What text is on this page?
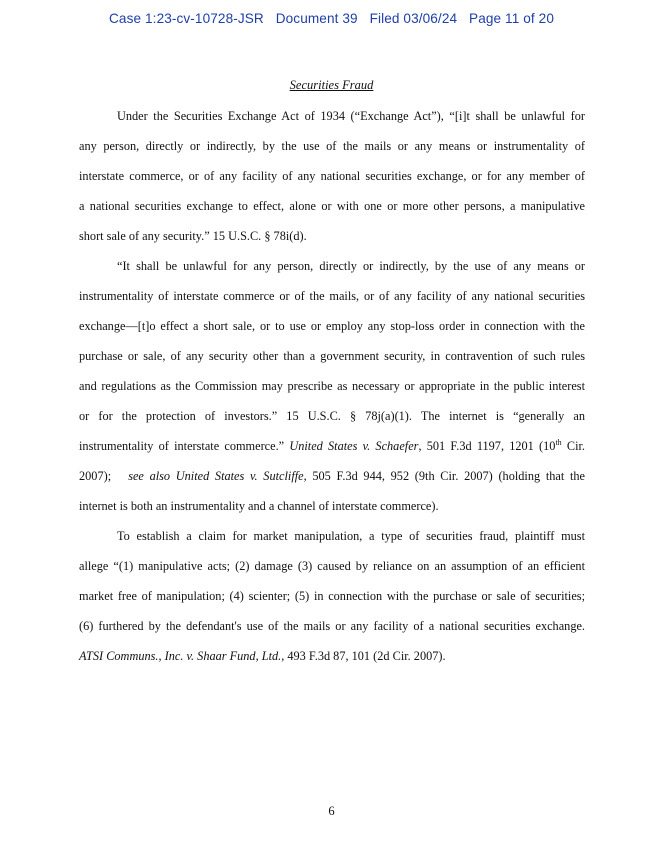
Case 1:23-cv-10728-JSR Document 39 Filed 03/06/24 Page 11 of 20
Securities Fraud
Under the Securities Exchange Act of 1934 (“Exchange Act”), “[i]t shall be unlawful for
any person, directly or indirectly, by the use of the mails or any means or instrumentality of
interstate commerce, or of any facility of any national securities exchange, or for any member of
a national securities exchange to effect, alone or with one or more other persons, a manipulative
short sale of any security.” 15 U.S.C. § 78i(d).
“It shall be unlawful for any person, directly or indirectly, by the use of any means or
instrumentality of interstate commerce or of the mails, or of any facility of any national securities
exchange—[t]o effect a short sale, or to use or employ any stop-loss order in connection with the
purchase or sale, of any security other than a government security, in contravention of such rules
and regulations as the Commission may prescribe as necessary or appropriate in the public interest
or for the protection of investors.” 15 U.S.C. § 78j(a)(1). The internet is “generally an
instrumentality of interstate commerce.” United States v. Schaefer, 501 F.3d 1197, 1201 (10th Cir.
2007); see also United States v. Sutcliffe, 505 F.3d 944, 952 (9th Cir. 2007) (holding that the
internet is both an instrumentality and a channel of interstate commerce).
To establish a claim for market manipulation, a type of securities fraud, plaintiff must
allege “(1) manipulative acts; (2) damage (3) caused by reliance on an assumption of an efficient
market free of manipulation; (4) scienter; (5) in connection with the purchase or sale of securities;
(6) furthered by the defendant's use of the mails or any facility of a national securities exchange.
ATSI Communs., Inc. v. Shaar Fund, Ltd., 493 F.3d 87, 101 (2d Cir. 2007).
6
